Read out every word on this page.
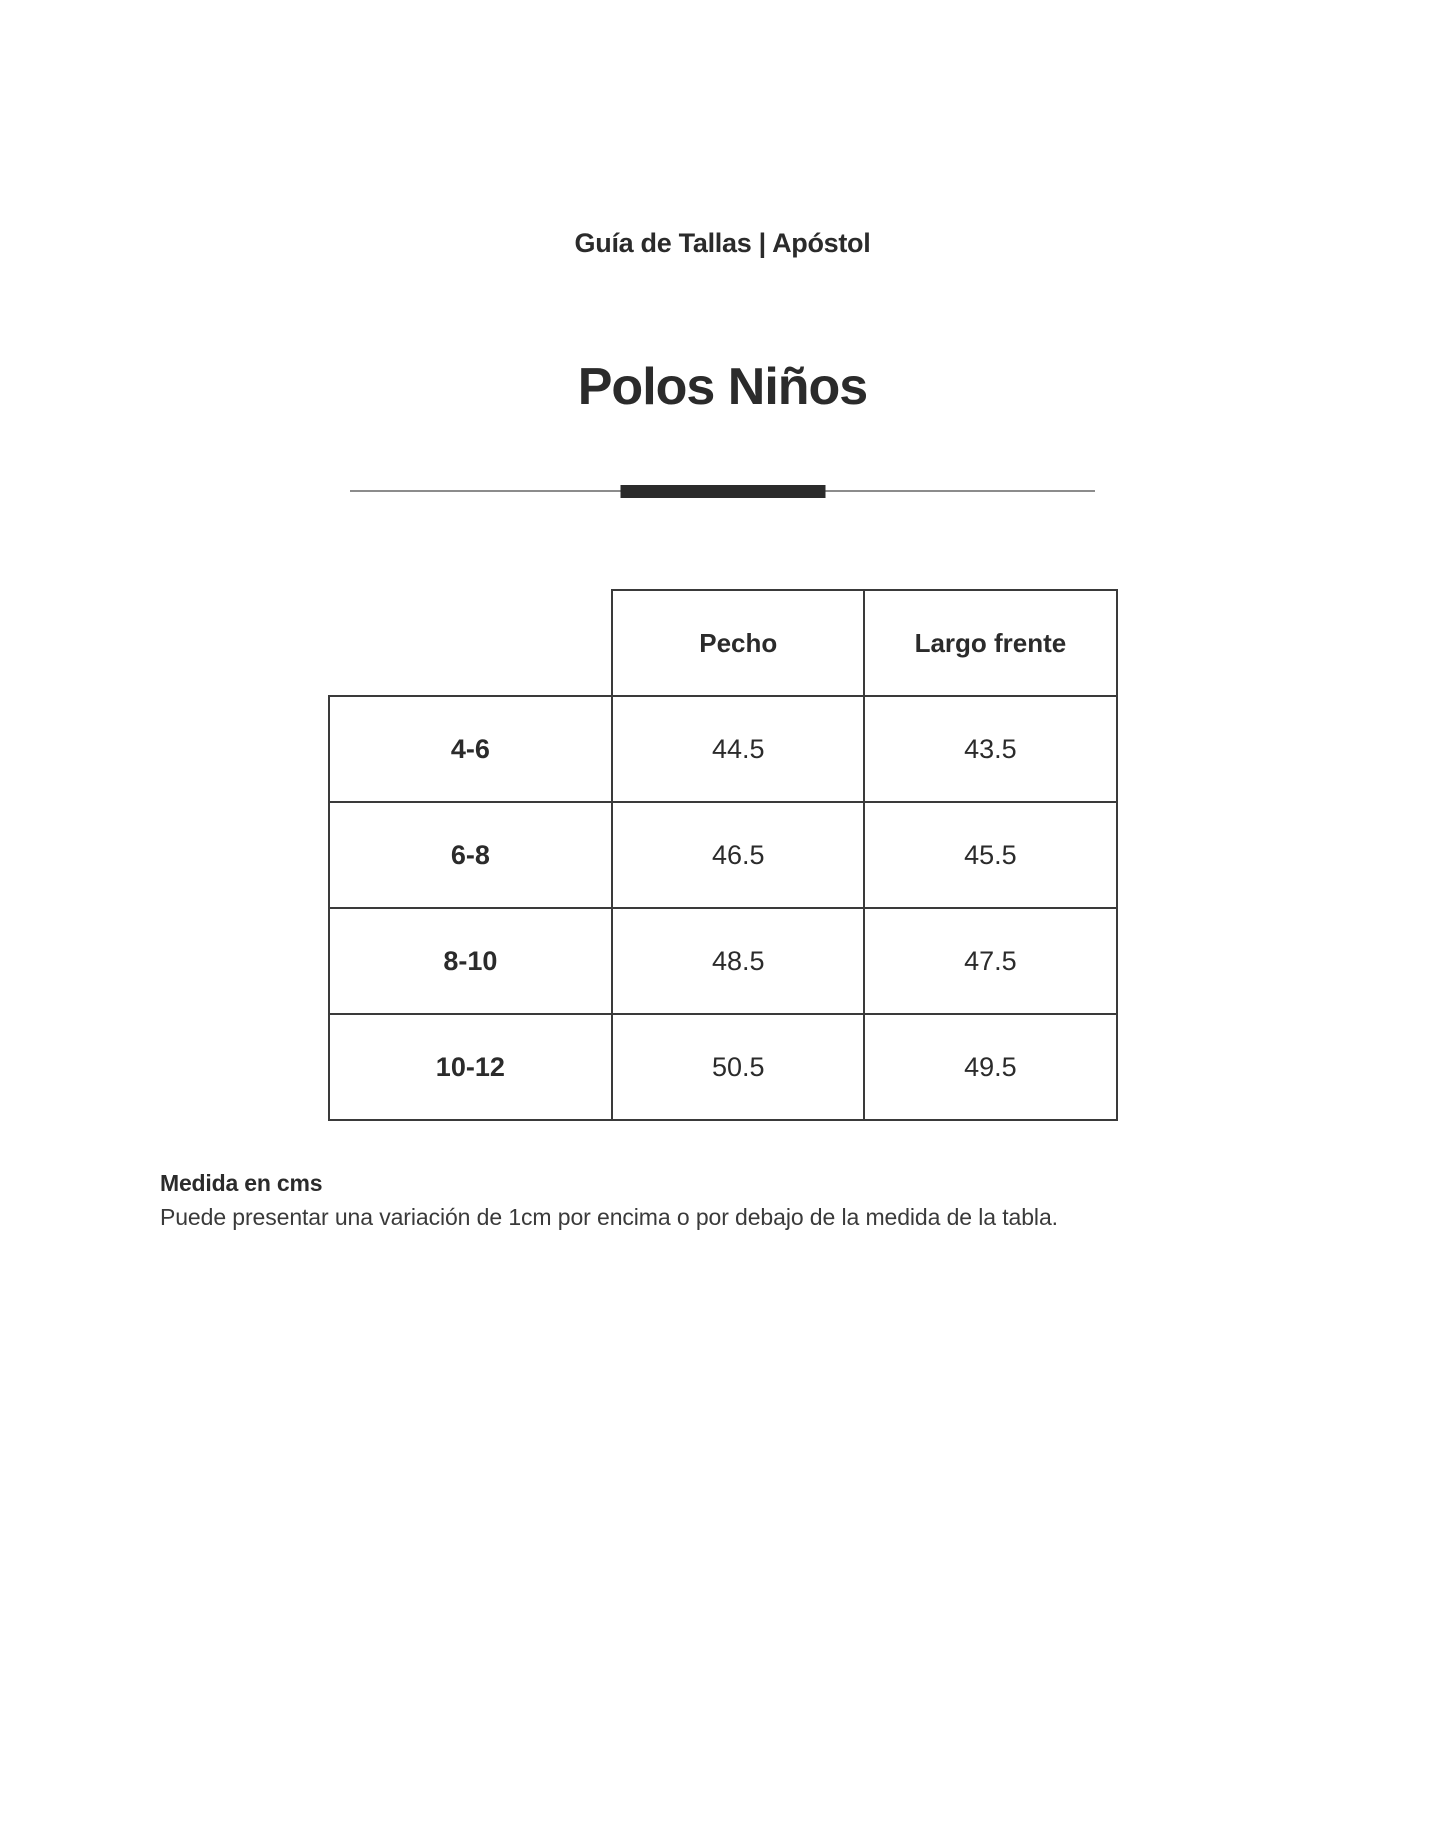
Guía de Tallas | Apóstol
Polos Niños
	Pecho	Largo frente
4-6	44.5	43.5
6-8	46.5	45.5
8-10	48.5	47.5
10-12	50.5	49.5

Medida en cms

Puede presentar una variación de 1cm por encima o por debajo de la medida de la tabla.
